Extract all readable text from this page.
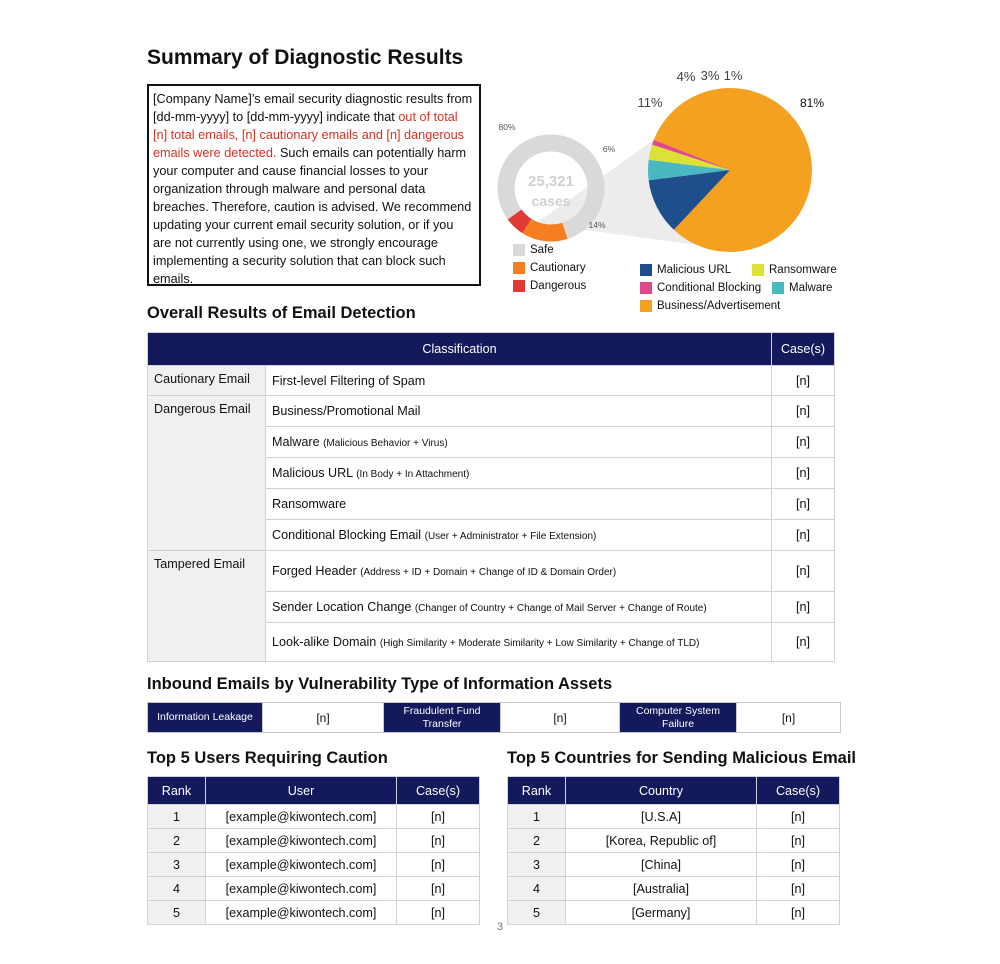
Summary of Diagnostic Results
[Company Name]’s email security diagnostic results from [dd-mm-yyyy] to [dd-mm-yyyy] indicate that out of total [n] total emails, [n] cautionary emails and [n] dangerous emails were detected. Such emails can potentially harm your computer and cause financial losses to your organization through malware and personal data breaches. Therefore, caution is advised. We recommend updating your current email security solution, or if you are not currently using one, we strongly encourage implementing a security solution that can block such emails.
25,321
cases
80%
14%
6%
81%
11%
4% 3% 1%
Safe
Cautionary
Dangerous
Malicious URL	Ransomware
Conditional Blocking	Malware
Business/Advertisement
Overall Results of Email Detection
Classification		Case(s)
Cautionary Email	First-level Filtering of Spam	[n]
Dangerous Email	Business/Promotional Mail	[n]
	Malware (Malicious Behavior + Virus)	[n]
	Malicious URL (In Body + In Attachment)	[n]
	Ransomware	[n]
	Conditional Blocking Email (User + Administrator + File Extension)	[n]
Tampered Email	Forged Header (Address + ID + Domain + Change of ID & Domain Order)	[n]
	Sender Location Change (Changer of Country + Change of Mail Server + Change of Route)	[n]
	Look-alike Domain (High Similarity + Moderate Similarity + Low Similarity + Change of TLD)	[n]
Inbound Emails by Vulnerability Type of Information Assets
Information Leakage	[n]	Fraudulent Fund Transfer	[n]	Computer System Failure	[n]
Top 5 Users Requiring Caution
Rank	User	Case(s)
1	[example@kiwontech.com]	[n]
2	[example@kiwontech.com]	[n]
3	[example@kiwontech.com]	[n]
4	[example@kiwontech.com]	[n]
5	[example@kiwontech.com]	[n]
Top 5 Countries for Sending Malicious Email
Rank	Country	Case(s)
1	[U.S.A]	[n]
2	[Korea, Republic of]	[n]
3	[China]	[n]
4	[Australia]	[n]
5	[Germany]	[n]
3
